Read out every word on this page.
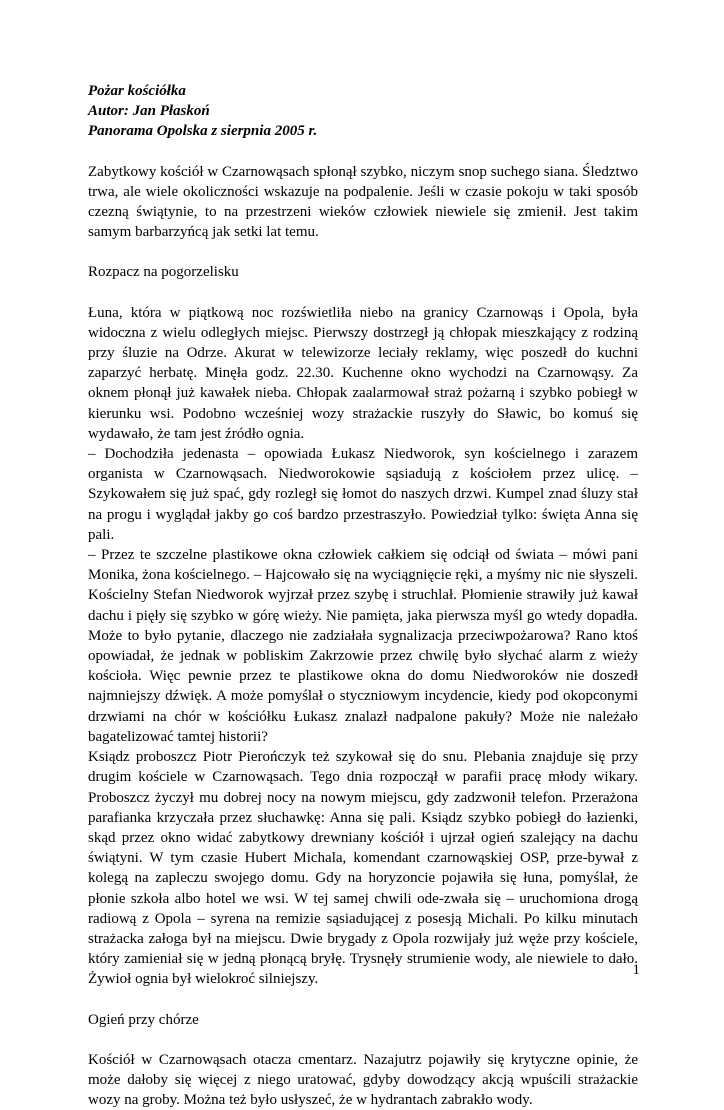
Pożar kościółka
Autor: Jan Płaskoń
Panorama Opolska z sierpnia 2005 r.

Zabytkowy kościół w Czarnowąsach spłonął szybko, niczym snop suchego siana. Śledztwo trwa, ale wiele okoliczności wskazuje na podpalenie. Jeśli w czasie pokoju w taki sposób czezną świątynie, to na przestrzeni wieków człowiek niewiele się zmienił. Jest takim samym barbarzyńcą jak setki lat temu.

Rozpacz na pogorzelisku

Łuna, która w piątkową noc rozświetliła niebo na granicy Czarnowąs i Opola, była widoczna z wielu odległych miejsc. Pierwszy dostrzegł ją chłopak mieszkający z rodziną przy śluzie na Odrze. Akurat w telewizorze leciały reklamy, więc poszedł do kuchni zaparzyć herbatę. Minęła godz. 22.30. Kuchenne okno wychodzi na Czarnowąsy. Za oknem płonął już kawałek nieba. Chłopak zaalarmował straż pożarną i szybko pobiegł w kierunku wsi. Podobno wcześniej wozy strażackie ruszyły do Sławic, bo komuś się wydawało, że tam jest źródło ognia.

– Dochodziła jedenasta – opowiada Łukasz Niedworok, syn kościelnego i zarazem organista w Czarnowąsach. Niedworokowie sąsiadują z kościołem przez ulicę. – Szykowałem się już spać, gdy rozległ się łomot do naszych drzwi. Kumpel znad śluzy stał na progu i wyglądał jakby go coś bardzo przestraszyło. Powiedział tylko: święta Anna się pali.

– Przez te szczelne plastikowe okna człowiek całkiem się odciął od świata – mówi pani Monika, żona kościelnego. – Hajcowało się na wyciągnięcie ręki, a myśmy nic nie słyszeli. Kościelny Stefan Niedworok wyjrzał przez szybę i struchlał. Płomienie strawiły już kawał dachu i pięły się szybko w górę wieży. Nie pamięta, jaka pierwsza myśl go wtedy dopadła. Może to było pytanie, dlaczego nie zadziałała sygnalizacja przeciwpożarowa? Rano ktoś opowiadał, że jednak w pobliskim Zakrzowie przez chwilę było słychać alarm z wieży kościoła. Więc pewnie przez te plastikowe okna do domu Niedworoków nie doszedł najmniejszy dźwięk. A może pomyślał o styczniowym incydencie, kiedy pod okopconymi drzwiami na chór w kościółku Łukasz znalazł nadpalone pakuły? Może nie należało bagatelizować tamtej historii?

Ksiądz proboszcz Piotr Pierończyk też szykował się do snu. Plebania znajduje się przy drugim kościele w Czarnowąsach. Tego dnia rozpoczął w parafii pracę młody wikary. Proboszcz życzył mu dobrej nocy na nowym miejscu, gdy zadzwonił telefon. Przerażona parafianka krzyczała przez słuchawkę: Anna się pali. Ksiądz szybko pobiegł do łazienki, skąd przez okno widać zabytkowy drewniany kościół i ujrzał ogień szalejący na dachu świątyni. W tym czasie Hubert Michala, komendant czarnowąskiej OSP, prze-bywał z kolegą na zapleczu swojego domu. Gdy na horyzoncie pojawiła się łuna, pomyślał, że płonie szkoła albo hotel we wsi. W tej samej chwili ode-zwała się – uruchomiona drogą radiową z Opola – syrena na remizie sąsiadującej z posesją Michali. Po kilku minutach strażacka załoga był na miejscu. Dwie brygady z Opola rozwijały już węże przy kościele, który zamieniał się w jedną płonącą bryłę. Trysnęły strumienie wody, ale niewiele to dało. Żywioł ognia był wielokroć silniejszy.

Ogień przy chórze

Kościół w Czarnowąsach otacza cmentarz. Nazajutrz pojawiły się krytyczne opinie, że może dałoby się więcej z niego uratować, gdyby dowodzący akcją wpuścili strażackie wozy na groby. Można też było usłyszeć, że w hydrantach zabrakło wody.

1
